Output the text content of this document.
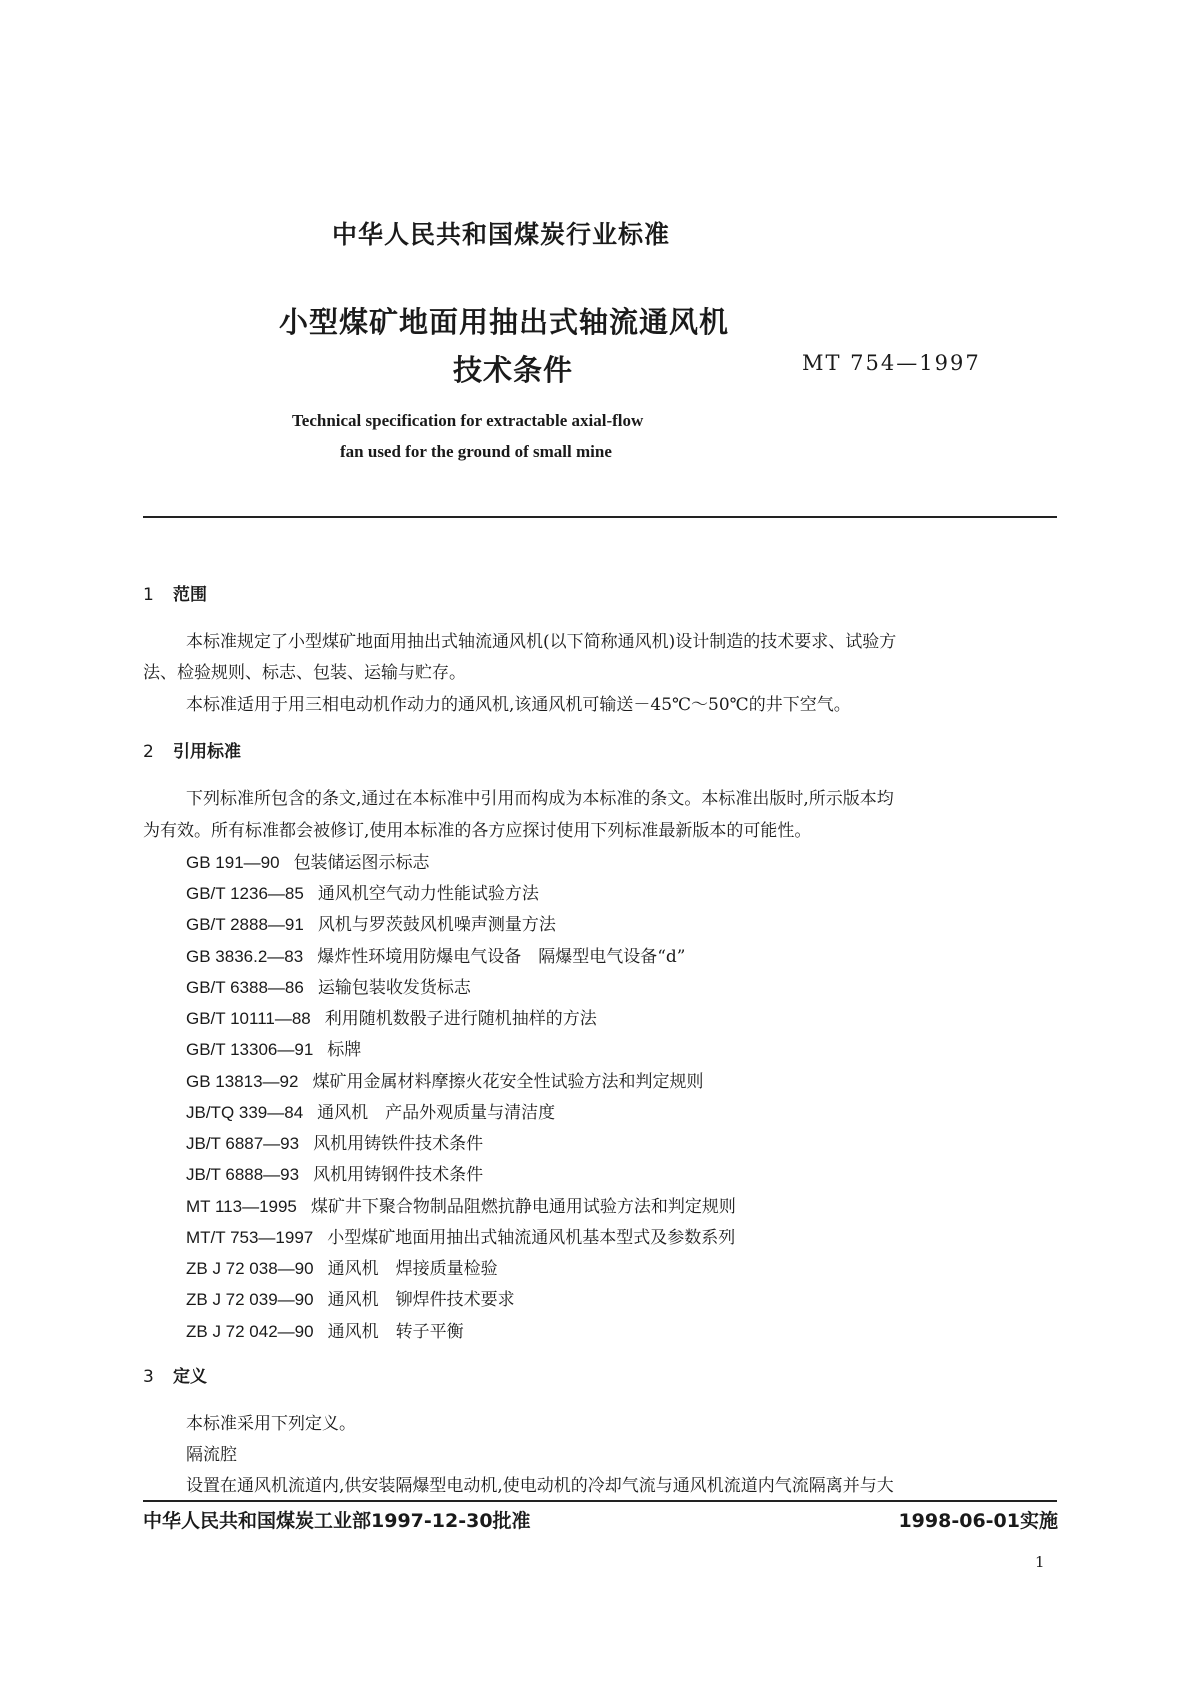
中华人民共和国煤炭行业标准
小型煤矿地面用抽出式轴流通风机
技术条件	MT 754—1997
Technical specification for extractable axial-flow
fan used for the ground of small mine
1 范围
本标准规定了小型煤矿地面用抽出式轴流通风机(以下简称通风机)设计制造的技术要求、试验方
法、检验规则、标志、包装、运输与贮存。
本标准适用于用三相电动机作动力的通风机,该通风机可输送－45℃～50℃的井下空气。
2 引用标准
下列标准所包含的条文,通过在本标准中引用而构成为本标准的条文。本标准出版时,所示版本均
为有效。所有标准都会被修订,使用本标准的各方应探讨使用下列标准最新版本的可能性。
GB 191—90 包装储运图示标志
GB/T 1236—85 通风机空气动力性能试验方法
GB/T 2888—91 风机与罗茨鼓风机噪声测量方法
GB 3836.2—83 爆炸性环境用防爆电气设备　隔爆型电气设备“d”
GB/T 6388—86 运输包装收发货标志
GB/T 10111—88 利用随机数骰子进行随机抽样的方法
GB/T 13306—91 标牌
GB 13813—92 煤矿用金属材料摩擦火花安全性试验方法和判定规则
JB/TQ 339—84 通风机　产品外观质量与清洁度
JB/T 6887—93 风机用铸铁件技术条件
JB/T 6888—93 风机用铸钢件技术条件
MT 113—1995 煤矿井下聚合物制品阻燃抗静电通用试验方法和判定规则
MT/T 753—1997 小型煤矿地面用抽出式轴流通风机基本型式及参数系列
ZB J 72 038—90 通风机　焊接质量检验
ZB J 72 039—90 通风机　铆焊件技术要求
ZB J 72 042—90 通风机　转子平衡
3 定义
本标准采用下列定义。
隔流腔
设置在通风机流道内,供安装隔爆型电动机,使电动机的冷却气流与通风机流道内气流隔离并与大
中华人民共和国煤炭工业部1997-12-30批准	1998-06-01实施
1
